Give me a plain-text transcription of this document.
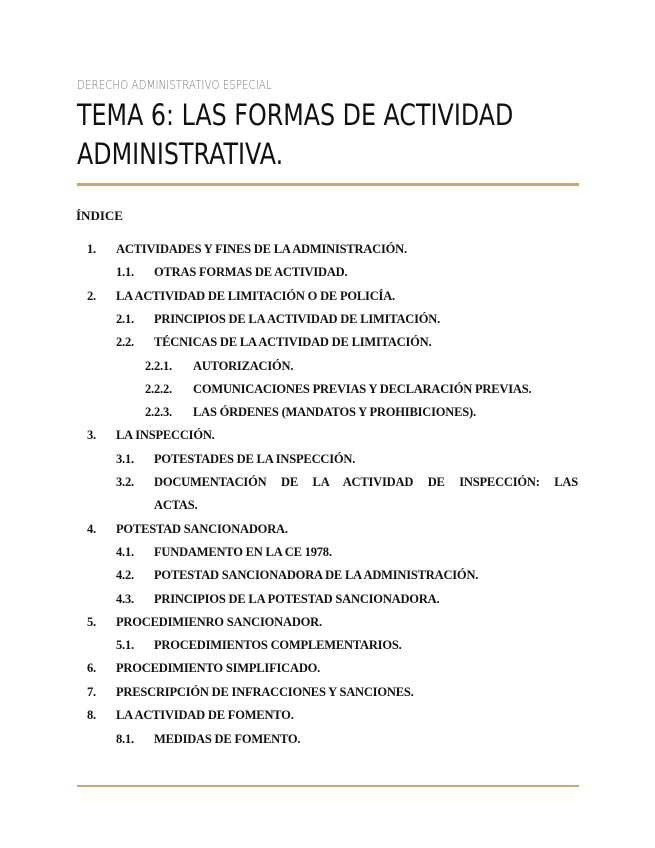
DERECHO ADMINISTRATIVO ESPECIAL
TEMA 6: LAS FORMAS DE ACTIVIDAD
ADMINISTRATIVA.
ÍNDICE
1. ACTIVIDADES Y FINES DE LA ADMINISTRACIÓN.
1.1. OTRAS FORMAS DE ACTIVIDAD.
2. LA ACTIVIDAD DE LIMITACIÓN O DE POLICÍA.
2.1. PRINCIPIOS DE LA ACTIVIDAD DE LIMITACIÓN.
2.2. TÉCNICAS DE LA ACTIVIDAD DE LIMITACIÓN.
2.2.1. AUTORIZACIÓN.
2.2.2. COMUNICACIONES PREVIAS Y DECLARACIÓN PREVIAS.
2.2.3. LAS ÓRDENES (MANDATOS Y PROHIBICIONES).
3. LA INSPECCIÓN.
3.1. POTESTADES DE LA INSPECCIÓN.
3.2. DOCUMENTACIÓN DE LA ACTIVIDAD DE INSPECCIÓN: LAS
ACTAS.
4. POTESTAD SANCIONADORA.
4.1. FUNDAMENTO EN LA CE 1978.
4.2. POTESTAD SANCIONADORA DE LA ADMINISTRACIÓN.
4.3. PRINCIPIOS DE LA POTESTAD SANCIONADORA.
5. PROCEDIMIENRO SANCIONADOR.
5.1. PROCEDIMIENTOS COMPLEMENTARIOS.
6. PROCEDIMIENTO SIMPLIFICADO.
7. PRESCRIPCIÓN DE INFRACCIONES Y SANCIONES.
8. LA ACTIVIDAD DE FOMENTO.
8.1. MEDIDAS DE FOMENTO.
